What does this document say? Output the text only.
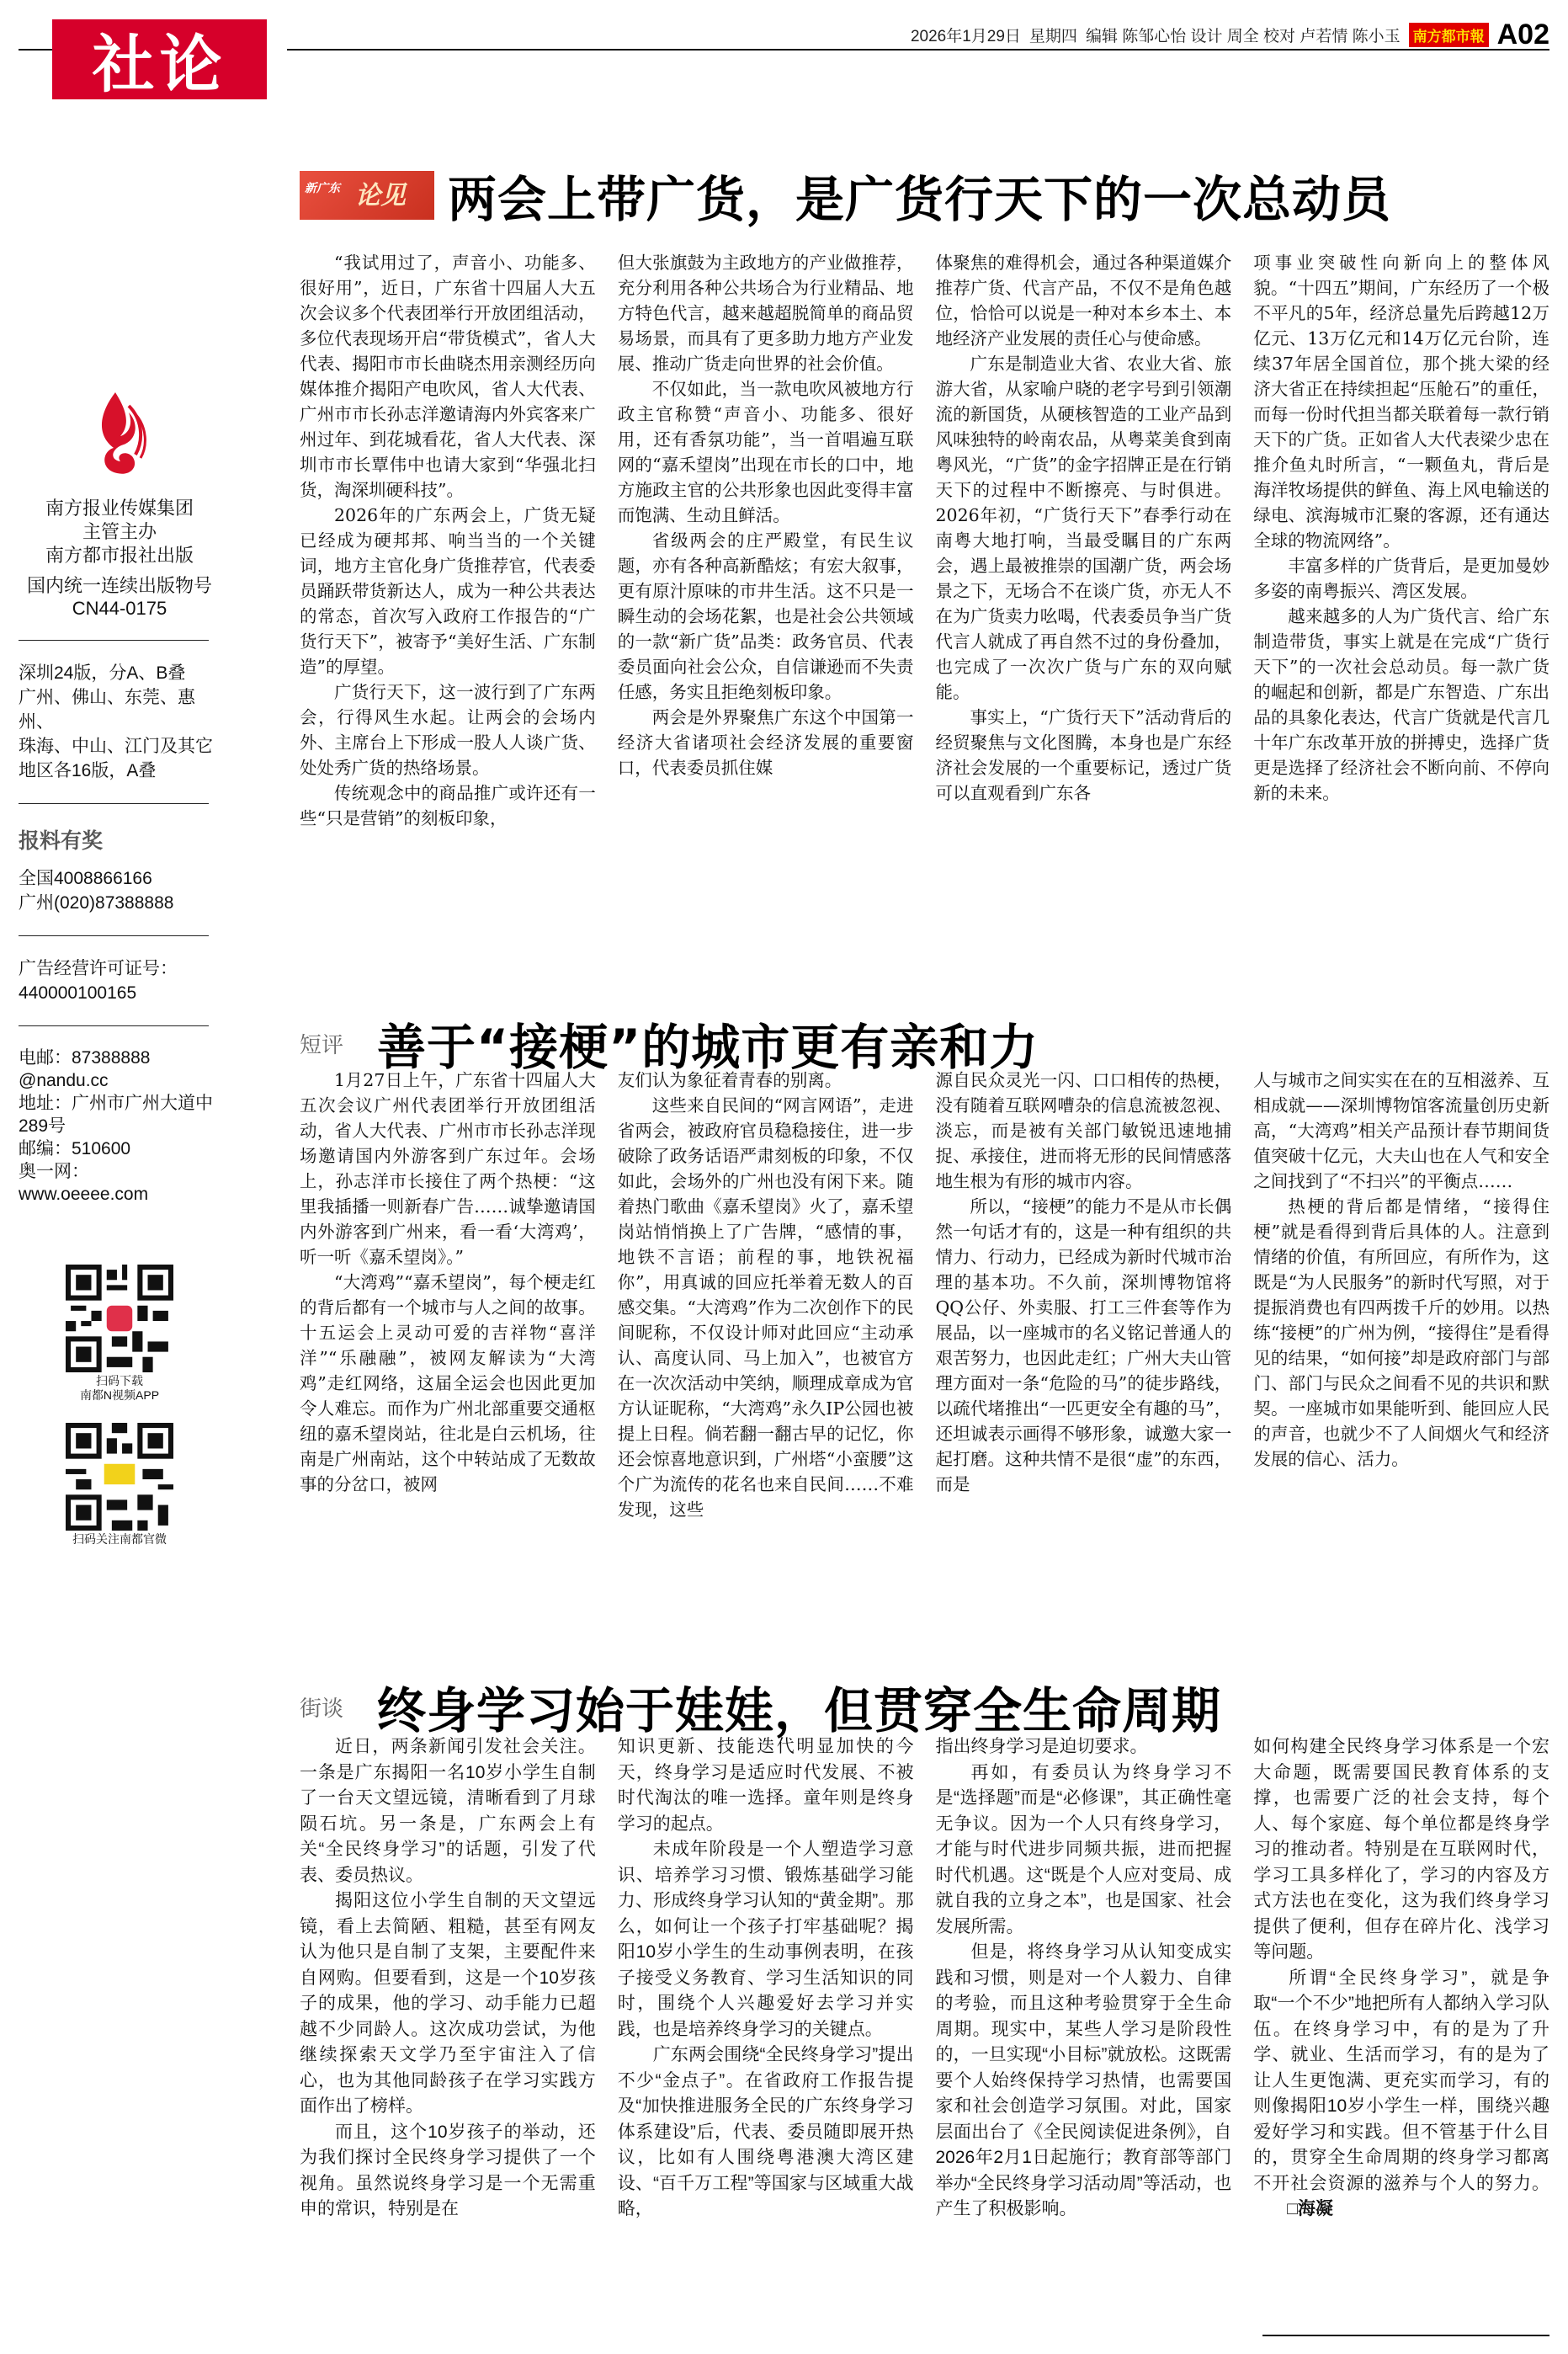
社论	2026年1月29日 星期四 编辑 陈邹心怡 设计 周全 校对 卢若情 陈小玉 南方都市報 A02
南方报业传媒集团
主管主办
南方都市报社出版
国内统一连续出版物号
CN44-0175
深圳24版，分A、B叠
广州、佛山、东莞、惠州、
珠海、中山、江门及其它
地区各16版，A叠
报料有奖
全国4008866166
广州(020)87388888
广告经营许可证号：
440000100165
电邮：87388888
@nandu.cc
地址：广州市广州大道中
289号
邮编：510600
奥一网：
www.oeeee.com
扫码下载
南都N视频APP
扫码关注南都官微
新广东 论见 两会上带广货，是广货行天下的一次总动员

“我试用过了，声音小、功能多、很好用”，近日，广东省十四届人大五次会议多个代表团举行开放团组活动，多位代表现场开启“带货模式”，省人大代表、揭阳市市长曲晓杰用亲测经历向媒体推介揭阳产电吹风，省人大代表、广州市市长孙志洋邀请海内外宾客来广州过年、到花城看花，省人大代表、深圳市市长覃伟中也请大家到“华强北扫货，淘深圳硬科技”。

2026年的广东两会上，广货无疑已经成为硬邦邦、响当当的一个关键词，地方主官化身广货推荐官，代表委员踊跃带货新达人，成为一种公共表达的常态，首次写入政府工作报告的“广货行天下”，被寄予“美好生活、广东制造”的厚望。

广货行天下，这一波行到了广东两会，行得风生水起。让两会的会场内外、主席台上下形成一股人人谈广货、处处秀广货的热络场景。

传统观念中的商品推广或许还有一些“只是营销”的刻板印象，

但大张旗鼓为主政地方的产业做推荐，充分利用各种公共场合为行业精品、地方特色代言，越来越超脱简单的商品贸易场景，而具有了更多助力地方产业发展、推动广货走向世界的社会价值。

不仅如此，当一款电吹风被地方行政主官称赞“声音小、功能多、很好用，还有香氛功能”，当一首唱遍互联网的“嘉禾望岗”出现在市长的口中，地方施政主官的公共形象也因此变得丰富而饱满、生动且鲜活。

省级两会的庄严殿堂，有民生议题，亦有各种高新酷炫；有宏大叙事，更有原汁原味的市井生活。这不只是一瞬生动的会场花絮，也是社会公共领域的一款“新广货”品类：政务官员、代表委员面向社会公众，自信谦逊而不失责任感，务实且拒绝刻板印象。

两会是外界聚焦广东这个中国第一经济大省诸项社会经济发展的重要窗口，代表委员抓住媒

体聚焦的难得机会，通过各种渠道媒介推荐广货、代言产品，不仅不是角色越位，恰恰可以说是一种对本乡本土、本地经济产业发展的责任心与使命感。

广东是制造业大省、农业大省、旅游大省，从家喻户晓的老字号到引领潮流的新国货，从硬核智造的工业产品到风味独特的岭南农品，从粤菜美食到南粤风光，“广货”的金字招牌正是在行销天下的过程中不断擦亮、与时俱进。2026年初，“广货行天下”春季行动在南粤大地打响，当最受瞩目的广东两会，遇上最被推崇的国潮广货，两会场景之下，无场合不在谈广货，亦无人不在为广货卖力吆喝，代表委员争当广货代言人就成了再自然不过的身份叠加，也完成了一次次广货与广东的双向赋能。

事实上，“广货行天下”活动背后的经贸聚焦与文化图腾，本身也是广东经济社会发展的一个重要标记，透过广货可以直观看到广东各

项事业突破性向新向上的整体风貌。“十四五”期间，广东经历了一个极不平凡的5年，经济总量先后跨越12万亿元、13万亿元和14万亿元台阶，连续37年居全国首位，那个挑大梁的经济大省正在持续担起“压舱石”的重任，而每一份时代担当都关联着每一款行销天下的广货。正如省人大代表梁少忠在推介鱼丸时所言，“一颗鱼丸，背后是海洋牧场提供的鲜鱼、海上风电输送的绿电、滨海城市汇聚的客源，还有通达全球的物流网络”。

丰富多样的广货背后，是更加曼妙多姿的南粤振兴、湾区发展。

越来越多的人为广货代言、给广东制造带货，事实上就是在完成“广货行天下”的一次社会总动员。每一款广货的崛起和创新，都是广东智造、广东出品的具象化表达，代言广货就是代言几十年广东改革开放的拼搏史，选择广货更是选择了经济社会不断向前、不停向新的未来。

短评 善于“接梗”的城市更有亲和力

1月27日上午，广东省十四届人大五次会议广州代表团举行开放团组活动，省人大代表、广州市市长孙志洋现场邀请国内外游客到广东过年。会场上，孙志洋市长接住了两个热梗：“这里我插播一则新春广告……诚挚邀请国内外游客到广州来，看一看‘大湾鸡’，听一听《嘉禾望岗》。”

“大湾鸡”“嘉禾望岗”，每个梗走红的背后都有一个城市与人之间的故事。十五运会上灵动可爱的吉祥物“喜洋洋”“乐融融”，被网友解读为“大湾鸡”走红网络，这届全运会也因此更加令人难忘。而作为广州北部重要交通枢纽的嘉禾望岗站，往北是白云机场，往南是广州南站，这个中转站成了无数故事的分岔口，被网

友们认为象征着青春的别离。

这些来自民间的“网言网语”，走进省两会，被政府官员稳稳接住，进一步破除了政务话语严肃刻板的印象，不仅如此，会场外的广州也没有闲下来。随着热门歌曲《嘉禾望岗》火了，嘉禾望岗站悄悄换上了广告牌，“感情的事，地铁不言语；前程的事，地铁祝福你”，用真诚的回应托举着无数人的百感交集。“大湾鸡”作为二次创作下的民间昵称，不仅设计师对此回应“主动承认、高度认同、马上加入”，也被官方在一次次活动中笑纳，顺理成章成为官方认证昵称，“大湾鸡”永久IP公园也被提上日程。倘若翻一翻古早的记忆，你还会惊喜地意识到，广州塔“小蛮腰”这个广为流传的花名也来自民间……不难发现，这些

源自民众灵光一闪、口口相传的热梗，没有随着互联网嘈杂的信息流被忽视、淡忘，而是被有关部门敏锐迅速地捕捉、承接住，进而将无形的民间情感落地生根为有形的城市内容。

所以，“接梗”的能力不是从市长偶然一句话才有的，这是一种有组织的共情力、行动力，已经成为新时代城市治理的基本功。不久前，深圳博物馆将QQ公仔、外卖服、打工三件套等作为展品，以一座城市的名义铭记普通人的艰苦努力，也因此走红；广州大夫山管理方面对一条“危险的马”的徒步路线，以疏代堵推出“一匹更安全有趣的马”，还坦诚表示画得不够形象，诚邀大家一起打磨。这种共情不是很“虚”的东西，而是

人与城市之间实实在在的互相滋养、互相成就——深圳博物馆客流量创历史新高，“大湾鸡”相关产品预计春节期间货值突破十亿元，大夫山也在人气和安全之间找到了“不扫兴”的平衡点……

热梗的背后都是情绪，“接得住梗”就是看得到背后具体的人。注意到情绪的价值，有所回应，有所作为，这既是“为人民服务”的新时代写照，对于提振消费也有四两拨千斤的妙用。以热练“接梗”的广州为例，“接得住”是看得见的结果，“如何接”却是政府部门与部门、部门与民众之间看不见的共识和默契。一座城市如果能听到、能回应人民的声音，也就少不了人间烟火气和经济发展的信心、活力。

街谈 终身学习始于娃娃，但贯穿全生命周期

近日，两条新闻引发社会关注。一条是广东揭阳一名10岁小学生自制了一台天文望远镜，清晰看到了月球陨石坑。另一条是，广东两会上有关“全民终身学习”的话题，引发了代表、委员热议。

揭阳这位小学生自制的天文望远镜，看上去简陋、粗糙，甚至有网友认为他只是自制了支架，主要配件来自网购。但要看到，这是一个10岁孩子的成果，他的学习、动手能力已超越不少同龄人。这次成功尝试，为他继续探索天文学乃至宇宙注入了信心，也为其他同龄孩子在学习实践方面作出了榜样。

而且，这个10岁孩子的举动，还为我们探讨全民终身学习提供了一个视角。虽然说终身学习是一个无需重申的常识，特别是在

知识更新、技能迭代明显加快的今天，终身学习是适应时代发展、不被时代淘汰的唯一选择。童年则是终身学习的起点。

未成年阶段是一个人塑造学习意识、培养学习习惯、锻炼基础学习能力、形成终身学习认知的“黄金期”。那么，如何让一个孩子打牢基础呢？揭阳10岁小学生的生动事例表明，在孩子接受义务教育、学习生活知识的同时，围绕个人兴趣爱好去学习并实践，也是培养终身学习的关键点。

广东两会围绕“全民终身学习”提出不少“金点子”。在省政府工作报告提及“加快推进服务全民的广东终身学习体系建设”后，代表、委员随即展开热议，比如有人围绕粤港澳大湾区建设、“百千万工程”等国家与区域重大战略，

指出终身学习是迫切要求。

再如，有委员认为终身学习不是“选择题”而是“必修课”，其正确性毫无争议。因为一个人只有终身学习，才能与时代进步同频共振，进而把握时代机遇。这“既是个人应对变局、成就自我的立身之本”，也是国家、社会发展所需。

但是，将终身学习从认知变成实践和习惯，则是对一个人毅力、自律的考验，而且这种考验贯穿于全生命周期。现实中，某些人学习是阶段性的，一旦实现“小目标”就放松。这既需要个人始终保持学习热情，也需要国家和社会创造学习氛围。对此，国家层面出台了《全民阅读促进条例》，自2026年2月1日起施行；教育部等部门举办“全民终身学习活动周”等活动，也产生了积极影响。

如何构建全民终身学习体系是一个宏大命题，既需要国民教育体系的支撑，也需要广泛的社会支持，每个人、每个家庭、每个单位都是终身学习的推动者。特别是在互联网时代，学习工具多样化了，学习的内容及方式方法也在变化，这为我们终身学习提供了便利，但存在碎片化、浅学习等问题。

所谓“全民终身学习”，就是争取“一个不少”地把所有人都纳入学习队伍。在终身学习中，有的是为了升学、就业、生活而学习，有的是为了让人生更饱满、更充实而学习，有的则像揭阳10岁小学生一样，围绕兴趣爱好学习和实践。但不管基于什么目的，贯穿全生命周期的终身学习都离不开社会资源的滋养与个人的努力。□海凝
